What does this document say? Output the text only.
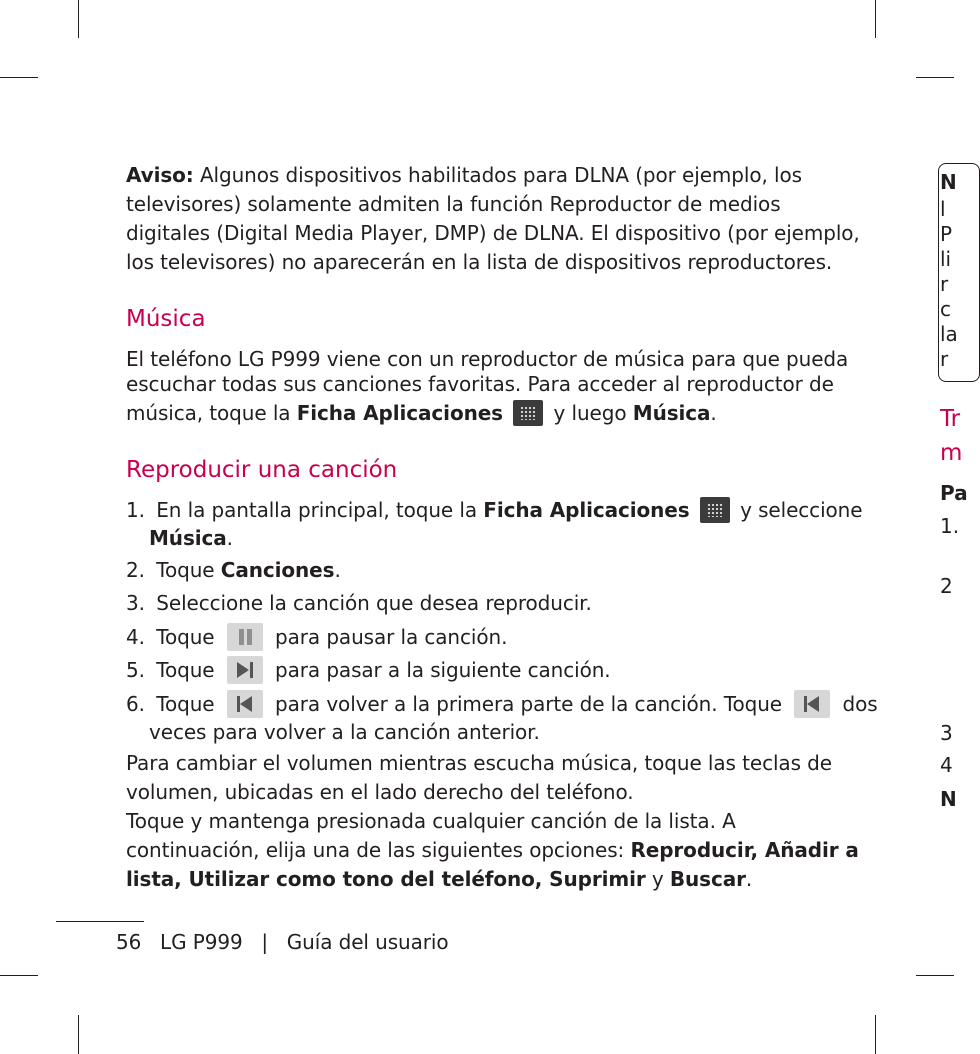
Aviso: Algunos dispositivos habilitados para DLNA (por ejemplo, los
televisores) solamente admiten la función Reproductor de medios
digitales (Digital Media Player, DMP) de DLNA. El dispositivo (por ejemplo,
los televisores) no aparecerán en la lista de dispositivos reproductores.
Música
El teléfono LG P999 viene con un reproductor de música para que pueda
escuchar todas sus canciones favoritas. Para acceder al reproductor de
música, toque la Ficha Aplicaciones	y luego Música.
Reproducir una canción
1. En la pantalla principal, toque la Ficha Aplicaciones	y seleccione
Música.
2. Toque Canciones.
3. Seleccione la canción que desea reproducir.
4. Toque	para pausar la canción.
5. Toque	para pasar a la siguiente canción.
6. Toque	para volver a la primera parte de la canción. Toque	dos
veces para volver a la canción anterior.
Para cambiar el volumen mientras escucha música, toque las teclas de
volumen, ubicadas en el lado derecho del teléfono.
Toque y mantenga presionada cualquier canción de la lista. A
continuación, elija una de las siguientes opciones: Reproducir, Añadir a
lista, Utilizar como tono del teléfono, Suprimir y Buscar.
56 LG P999 | Guía del usuario
N
l
P
li
r
c
la
r
Tr
m
Pa
1.
2
3
4
N
